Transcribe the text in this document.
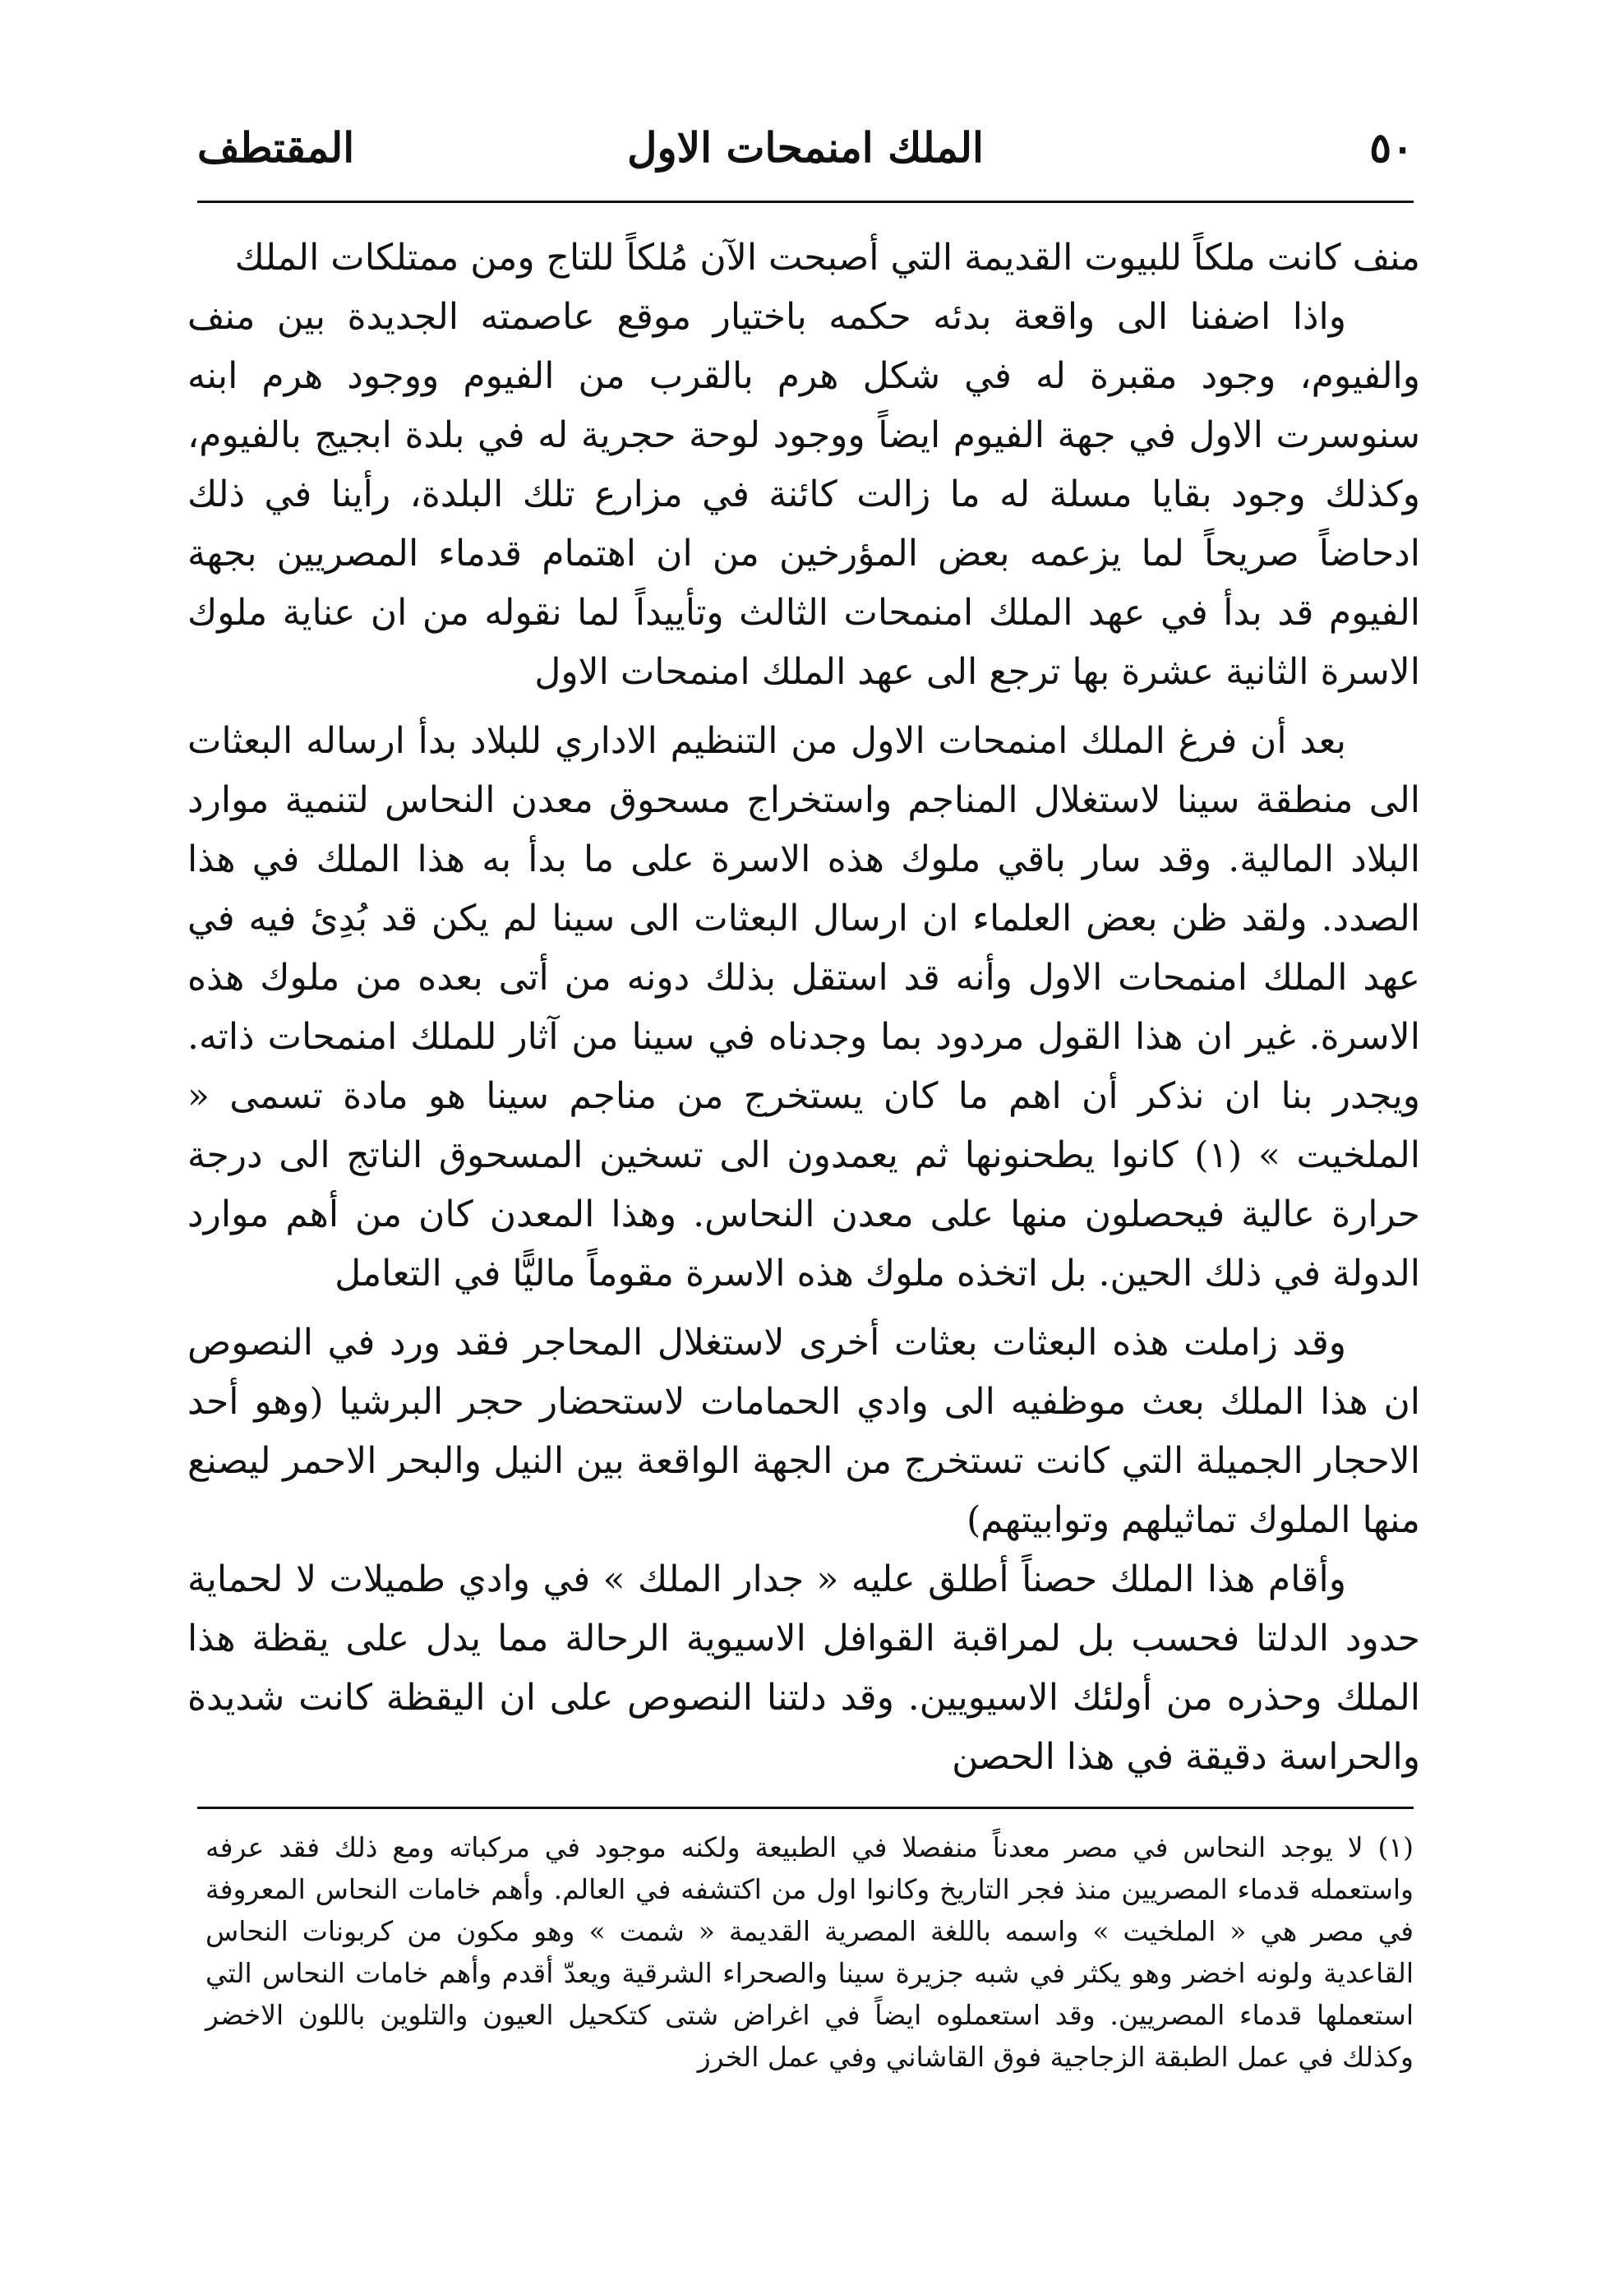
٥٠
الملك امنمحات الاول
المقتطف

منف كانت ملكاً للبيوت القديمة التي أصبحت الآن مُلكاً للتاج ومن ممتلكات الملك

واذا اضفنا الى واقعة بدئه حكمه باختيار موقع عاصمته الجديدة بين منف والفيوم، وجود مقبرة له في شكل هرم بالقرب من الفيوم ووجود هرم ابنه سنوسرت الاول في جهة الفيوم ايضاً ووجود لوحة حجرية له في بلدة ابجيج بالفيوم، وكذلك وجود بقايا مسلة له ما زالت كائنة في مزارع تلك البلدة، رأينا في ذلك ادحاضاً صريحاً لما يزعمه بعض المؤرخين من ان اهتمام قدماء المصريين بجهة الفيوم قد بدأ في عهد الملك امنمحات الثالث وتأييداً لما نقوله من ان عناية ملوك الاسرة الثانية عشرة بها ترجع الى عهد الملك امنمحات الاول

بعد أن فرغ الملك امنمحات الاول من التنظيم الاداري للبلاد بدأ ارساله البعثات الى منطقة سينا لاستغلال المناجم واستخراج مسحوق معدن النحاس لتنمية موارد البلاد المالية. وقد سار باقي ملوك هذه الاسرة على ما بدأ به هذا الملك في هذا الصدد. ولقد ظن بعض العلماء ان ارسال البعثات الى سينا لم يكن قد بُدِئ فيه في عهد الملك امنمحات الاول وأنه قد استقل بذلك دونه من أتى بعده من ملوك هذه الاسرة. غير ان هذا القول مردود بما وجدناه في سينا من آثار للملك امنمحات ذاته. ويجدر بنا ان نذكر أن اهم ما كان يستخرج من مناجم سينا هو مادة تسمى « الملخيت » (١) كانوا يطحنونها ثم يعمدون الى تسخين المسحوق الناتج الى درجة حرارة عالية فيحصلون منها على معدن النحاس. وهذا المعدن كان من أهم موارد الدولة في ذلك الحين. بل اتخذه ملوك هذه الاسرة مقوماً ماليًّا في التعامل

وقد زاملت هذه البعثات بعثات أخرى لاستغلال المحاجر فقد ورد في النصوص ان هذا الملك بعث موظفيه الى وادي الحمامات لاستحضار حجر البرشيا (وهو أحد الاحجار الجميلة التي كانت تستخرج من الجهة الواقعة بين النيل والبحر الاحمر ليصنع منها الملوك تماثيلهم وتوابيتهم)

وأقام هذا الملك حصناً أطلق عليه « جدار الملك » في وادي طميلات لا لحماية حدود الدلتا فحسب بل لمراقبة القوافل الاسيوية الرحالة مما يدل على يقظة هذا الملك وحذره من أولئك الاسيويين. وقد دلتنا النصوص على ان اليقظة كانت شديدة والحراسة دقيقة في هذا الحصن

(١) لا يوجد النحاس في مصر معدناً منفصلا في الطبيعة ولكنه موجود في مركباته ومع ذلك فقد عرفه واستعمله قدماء المصريين منذ فجر التاريخ وكانوا اول من اكتشفه في العالم. وأهم خامات النحاس المعروفة في مصر هي « الملخيت » واسمه باللغة المصرية القديمة « شمت » وهو مكون من كربونات النحاس القاعدية ولونه اخضر وهو يكثر في شبه جزيرة سينا والصحراء الشرقية ويعدّ أقدم وأهم خامات النحاس التي استعملها قدماء المصريين. وقد استعملوه ايضاً في اغراض شتى كتكحيل العيون والتلوين باللون الاخضر وكذلك في عمل الطبقة الزجاجية فوق القاشاني وفي عمل الخرز
